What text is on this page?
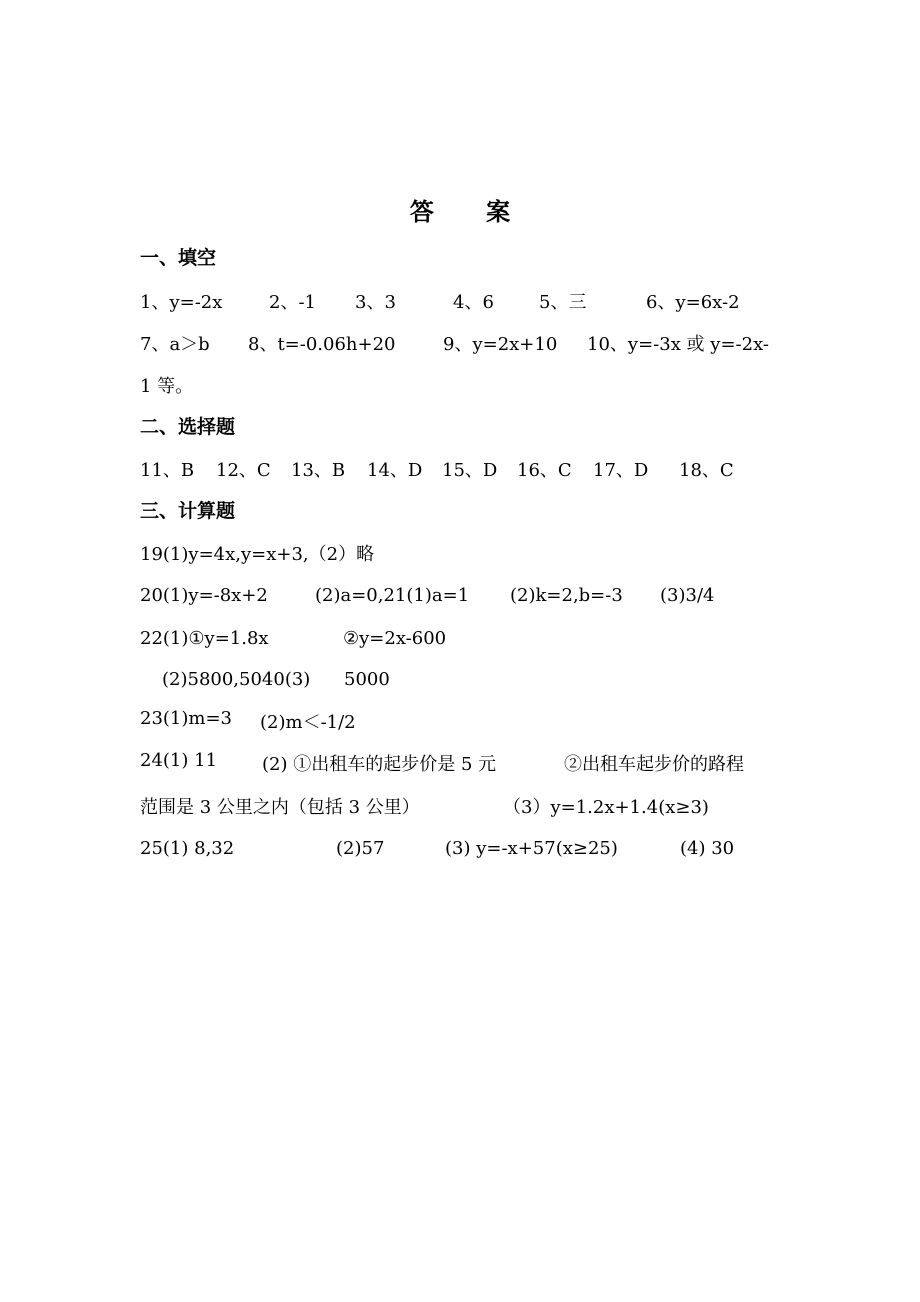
答 案
一、填空
1、y=-2x	2、-1 3、3	4、6	5、三	6、y=6x-2
7、a＞b 8、t=-0.06h+20	9、y=2x+10 10、y=-3x 或 y=-2x-
1 等。
二、选择题
11、B 12、C 13、B 14、D 15、D 16、C 17、D 18、C
三、计算题
19(1)y=4x,y=x+3,（2）略
20(1)y=-8x+2	(2)a=0,21(1)a=1 (2)k=2,b=-3 (3)3/4
22(1)①y=1.8x	②y=2x-600
(2)5800,5040(3) 5000
23(1)m=3 (2)m＜-1/2
24(1) 11 (2) ①出租车的起步价是 5 元	②出租车起步价的路程
范围是 3 公里之内（包括 3 公里）	（3）y=1.2x+1.4(x≥3)
25(1) 8,32	(2)57	(3) y=-x+57(x≥25)	(4) 30
